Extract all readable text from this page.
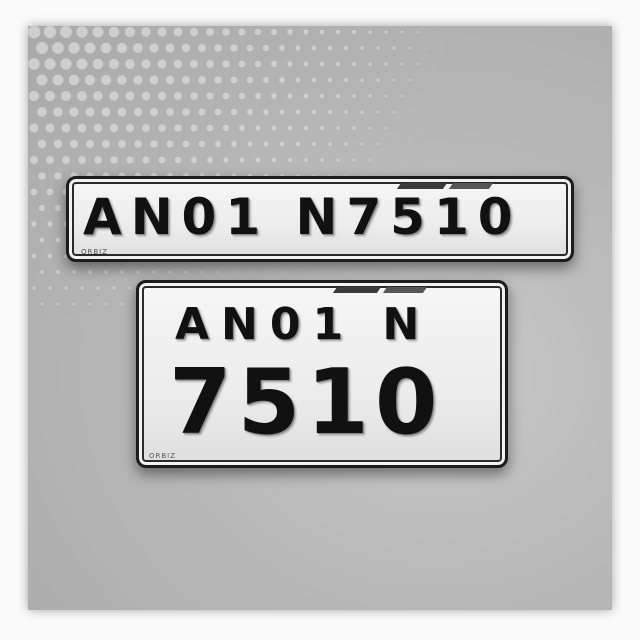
AN01 N7510
ORBIZ
AN01 N
7510
ORBIZ
